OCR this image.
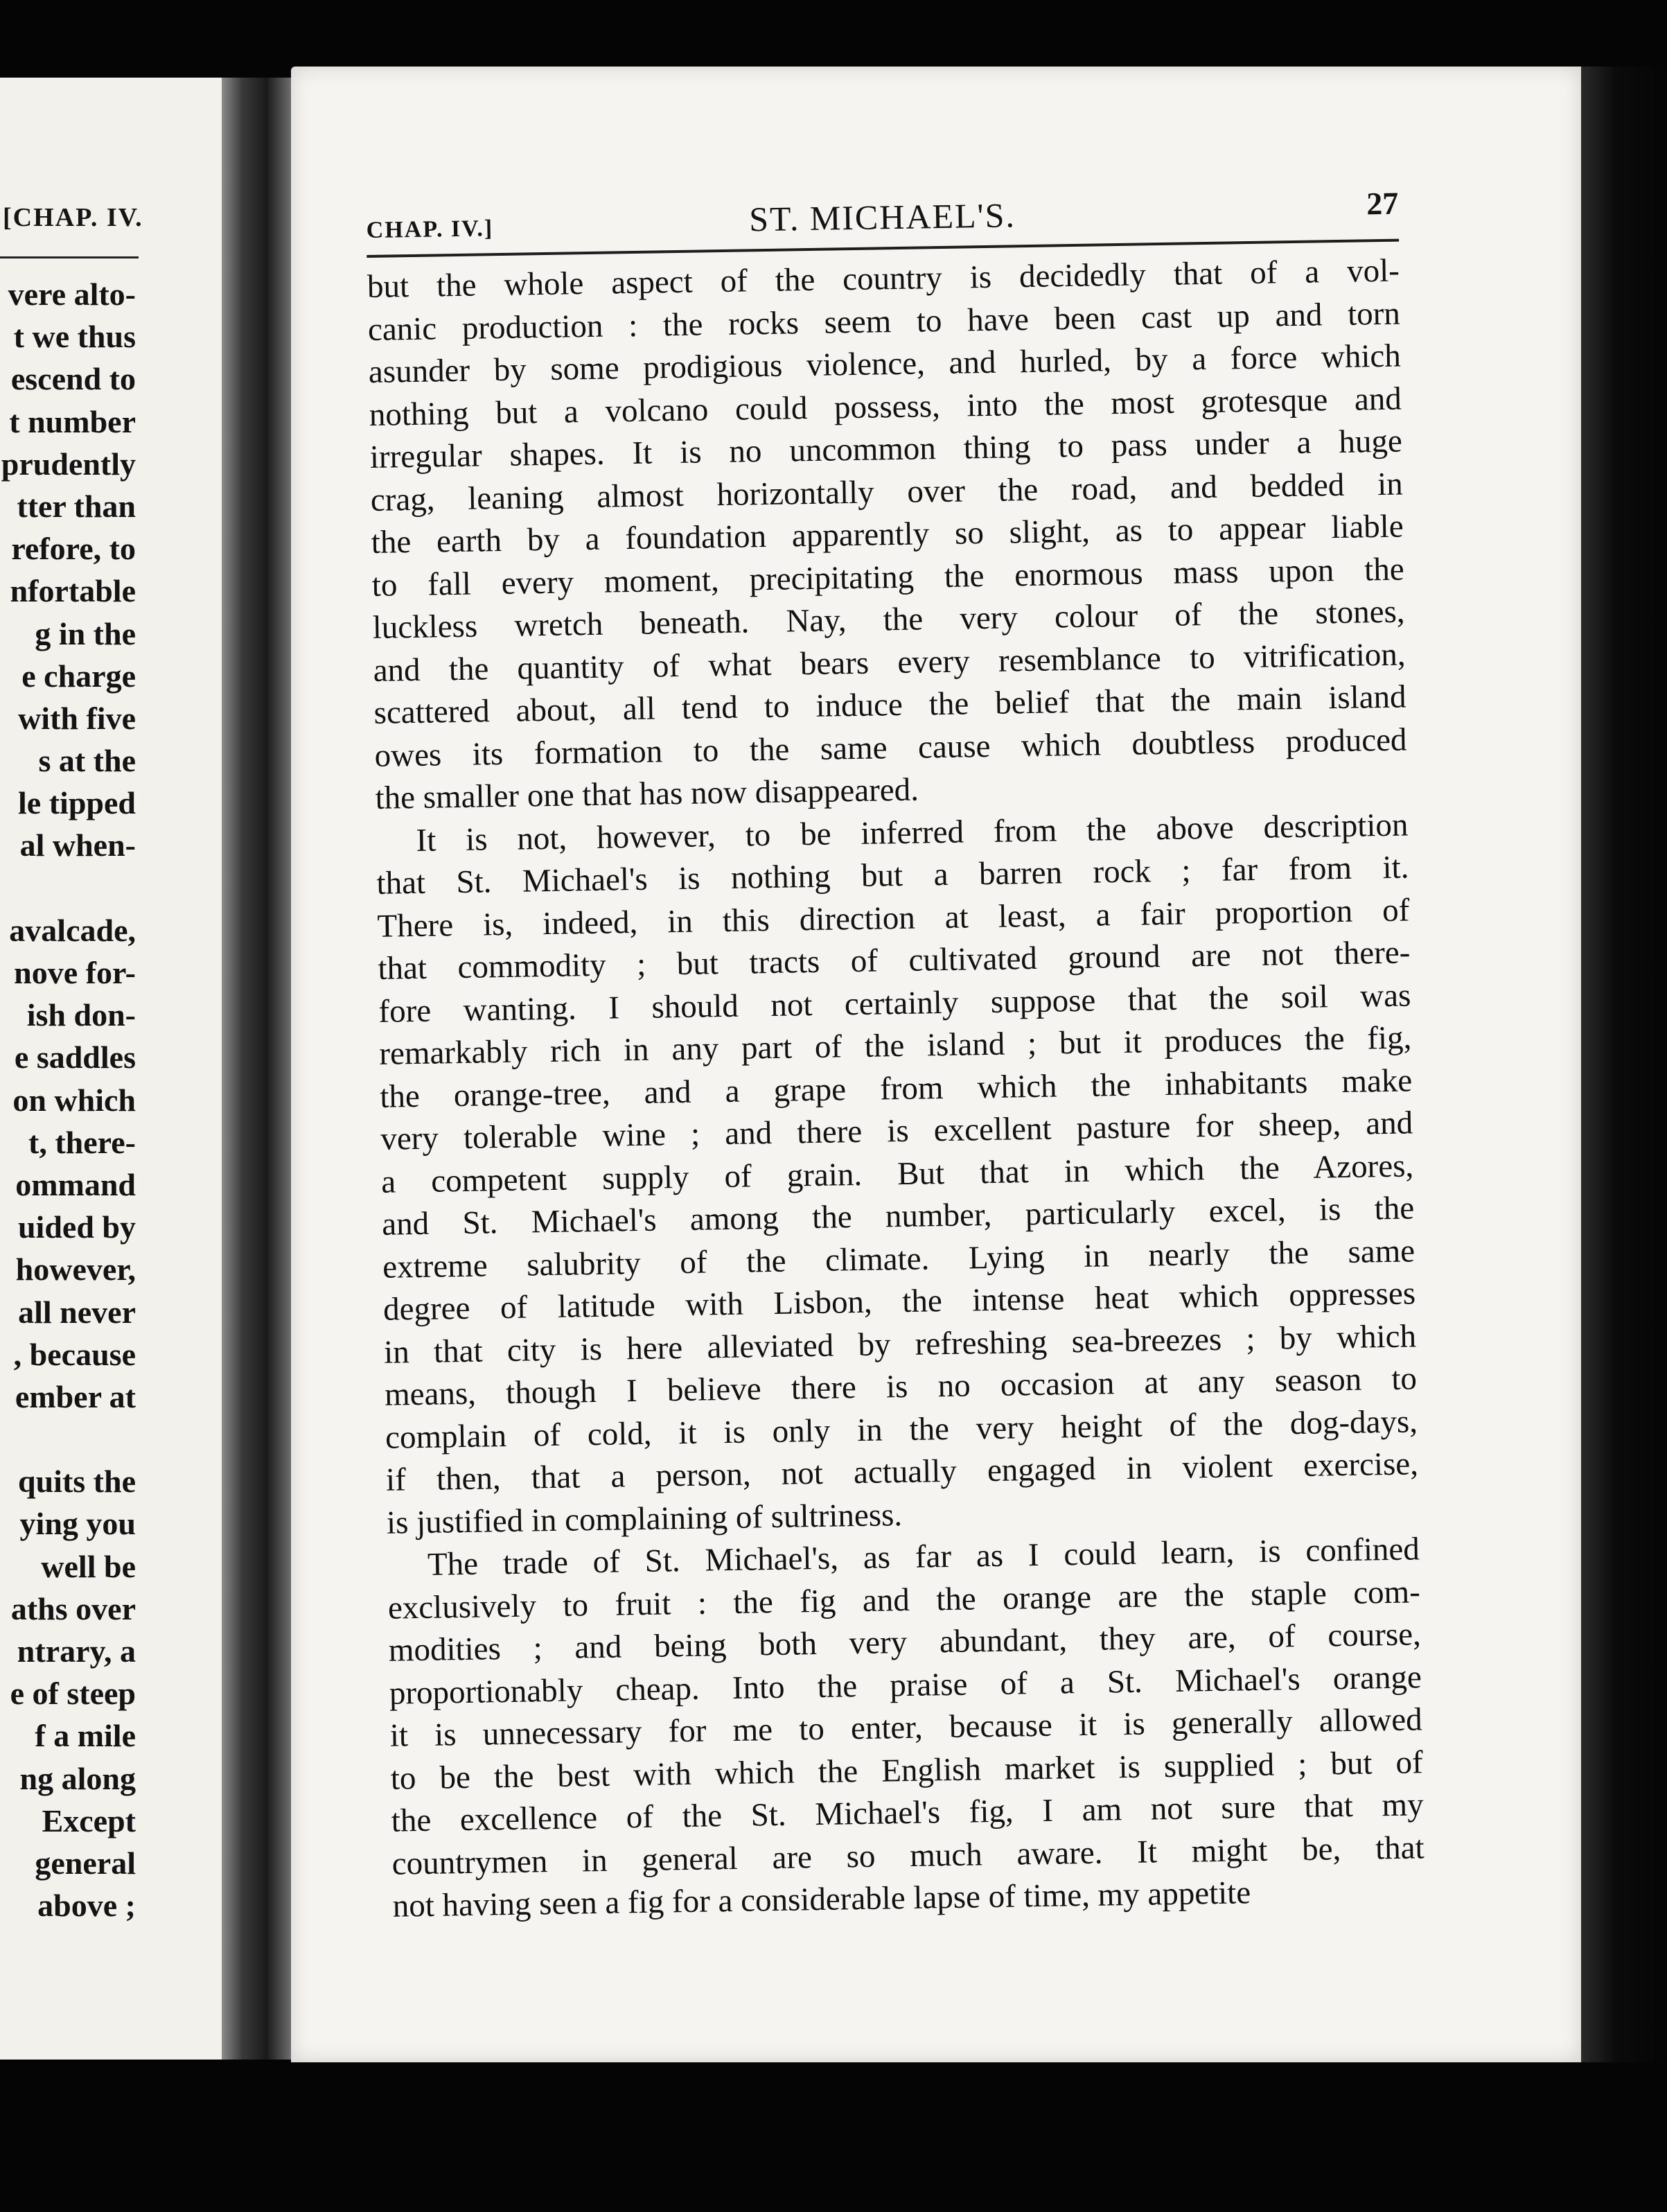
[CHAP. IV.
vere alto-
t we thus
escend to
t number
prudently
tter than
refore, to
nfortable
g in the
e charge
with five
s at the
le tipped
al when-
avalcade,
nove for-
ish don-
e saddles
on which
t, there-
ommand
uided by
however,
all never
, because
ember at
quits the
ying you
well be
aths over
ntrary, a
e of steep
f a mile
ng along
Except
general
above ;
CHAP. IV.]	ST. MICHAEL'S.	27
but the whole aspect of the country is decidedly that of a vol-
canic production : the rocks seem to have been cast up and torn
asunder by some prodigious violence, and hurled, by a force which
nothing but a volcano could possess, into the most grotesque and
irregular shapes. It is no uncommon thing to pass under a huge
crag, leaning almost horizontally over the road, and bedded in
the earth by a foundation apparently so slight, as to appear liable
to fall every moment, precipitating the enormous mass upon the
luckless wretch beneath. Nay, the very colour of the stones,
and the quantity of what bears every resemblance to vitrification,
scattered about, all tend to induce the belief that the main island
owes its formation to the same cause which doubtless produced
the smaller one that has now disappeared.
It is not, however, to be inferred from the above description
that St. Michael's is nothing but a barren rock ; far from it.
There is, indeed, in this direction at least, a fair proportion of
that commodity ; but tracts of cultivated ground are not there-
fore wanting. I should not certainly suppose that the soil was
remarkably rich in any part of the island ; but it produces the fig,
the orange-tree, and a grape from which the inhabitants make
very tolerable wine ; and there is excellent pasture for sheep, and
a competent supply of grain. But that in which the Azores,
and St. Michael's among the number, particularly excel, is the
extreme salubrity of the climate. Lying in nearly the same
degree of latitude with Lisbon, the intense heat which oppresses
in that city is here alleviated by refreshing sea-breezes ; by which
means, though I believe there is no occasion at any season to
complain of cold, it is only in the very height of the dog-days,
if then, that a person, not actually engaged in violent exercise,
is justified in complaining of sultriness.
The trade of St. Michael's, as far as I could learn, is confined
exclusively to fruit : the fig and the orange are the staple com-
modities ; and being both very abundant, they are, of course,
proportionably cheap. Into the praise of a St. Michael's orange
it is unnecessary for me to enter, because it is generally allowed
to be the best with which the English market is supplied ; but of
the excellence of the St. Michael's fig, I am not sure that my
countrymen in general are so much aware. It might be, that
not having seen a fig for a considerable lapse of time, my appetite
